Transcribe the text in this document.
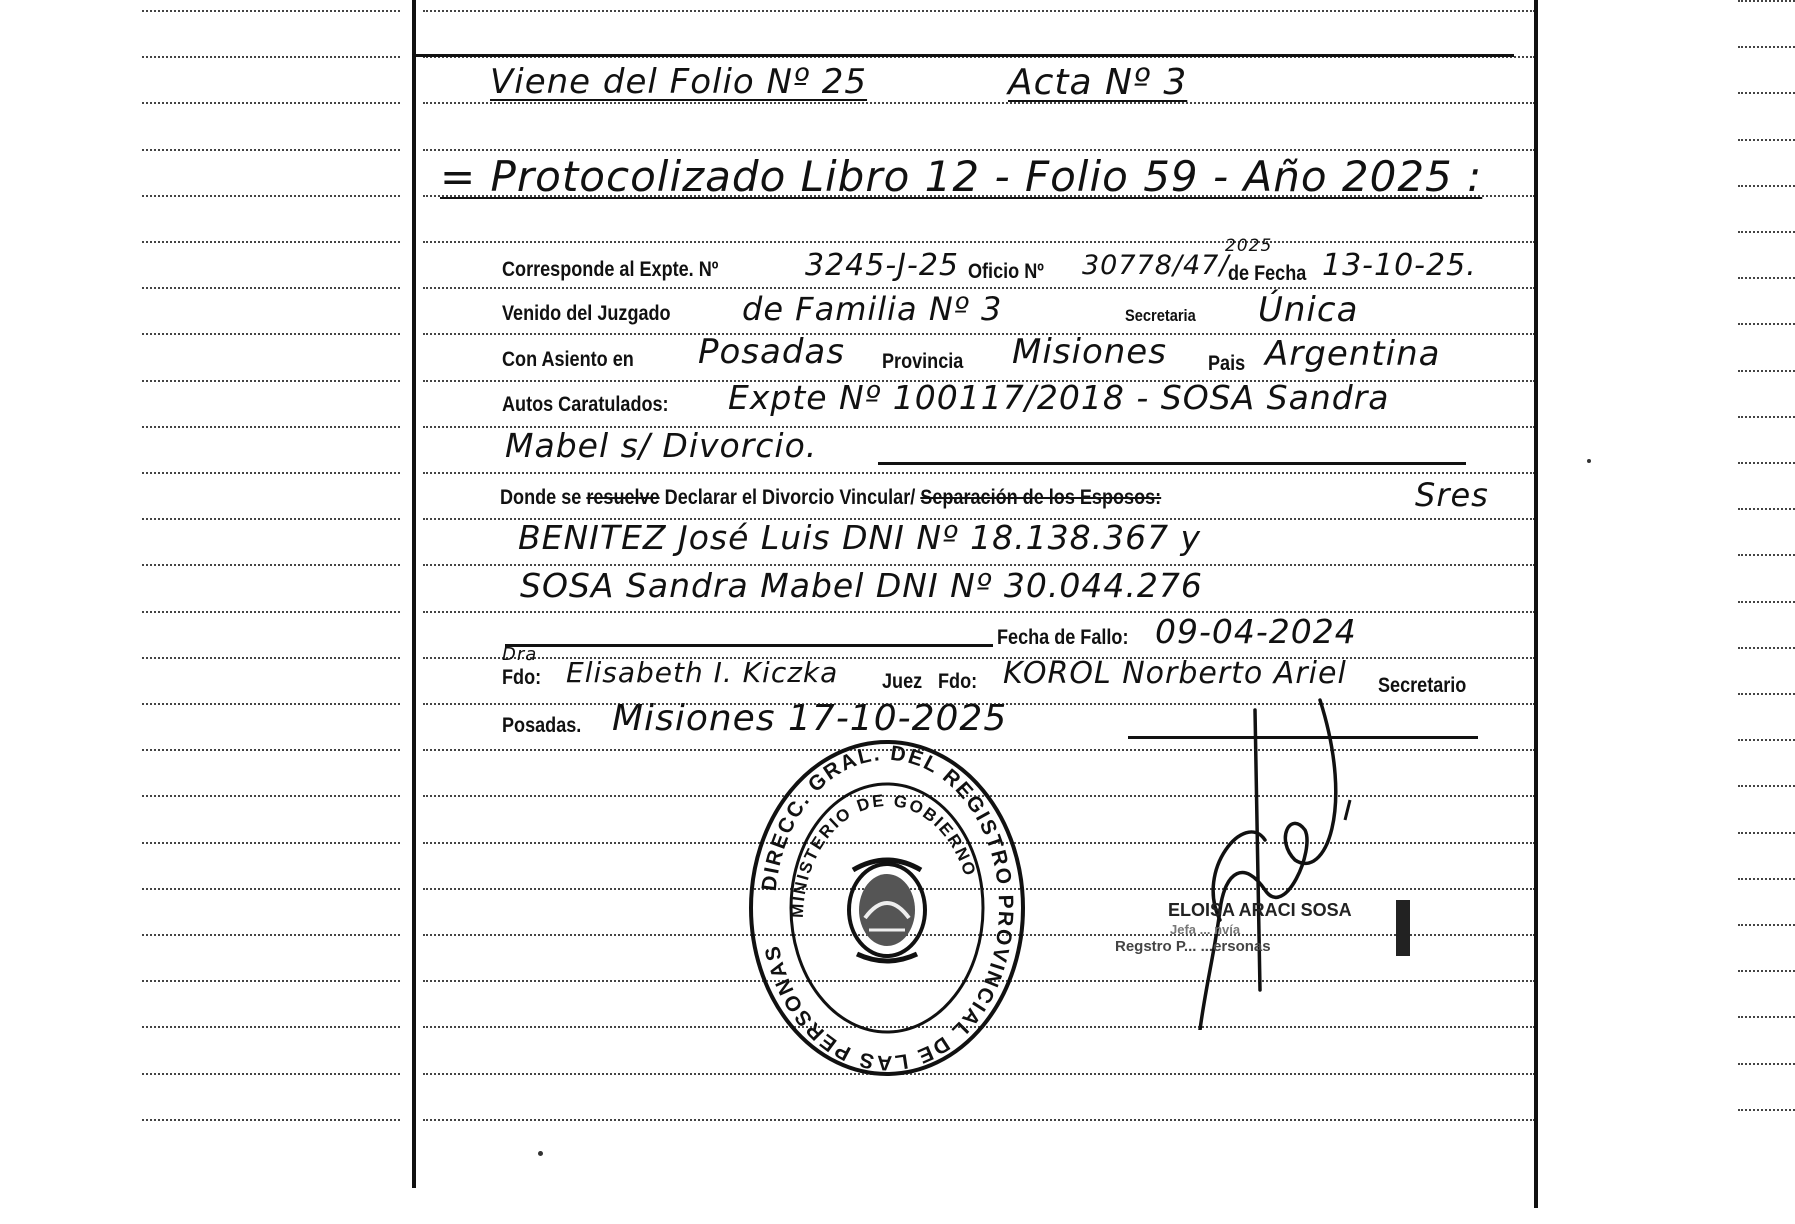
Viene del Folio Nº 25	Acta Nº 3
= Protocolizado Libro 12 - Folio 59 - Año 2025 :
Corresponde al Expte. Nº	3245-J-25 Oficio Nº 30778/47/
2025
de Fecha 13-10-25.
Venido del Juzgado de Familia Nº 3	Secretaria Única
Con Asiento en Posadas Provincia Misiones Pais Argentina
Autos Caratulados: Expte Nº 100117/2018 - SOSA Sandra
Mabel s/ Divorcio.
Donde se resuelve Declarar el Divorcio Vincular/ Separación de los Esposos:	Sres
BENITEZ José Luis DNI Nº 18.138.367 y
SOSA Sandra Mabel DNI Nº 30.044.276
Fecha de Fallo: 09-04-2024
Dra
Fdo: Elisabeth I. Kiczka Juez Fdo: KOROL Norberto Ariel Secretario
Posadas. Misiones 17-10-2025
DIRECC. GRAL. DEL REGISTRO PROVINCIAL DE LAS PERSONAS
MINISTERIO DE GOBIERNO
ELOISA ARACI SOSA
Jefa ... nvía
Regstro P... ...ersonas
